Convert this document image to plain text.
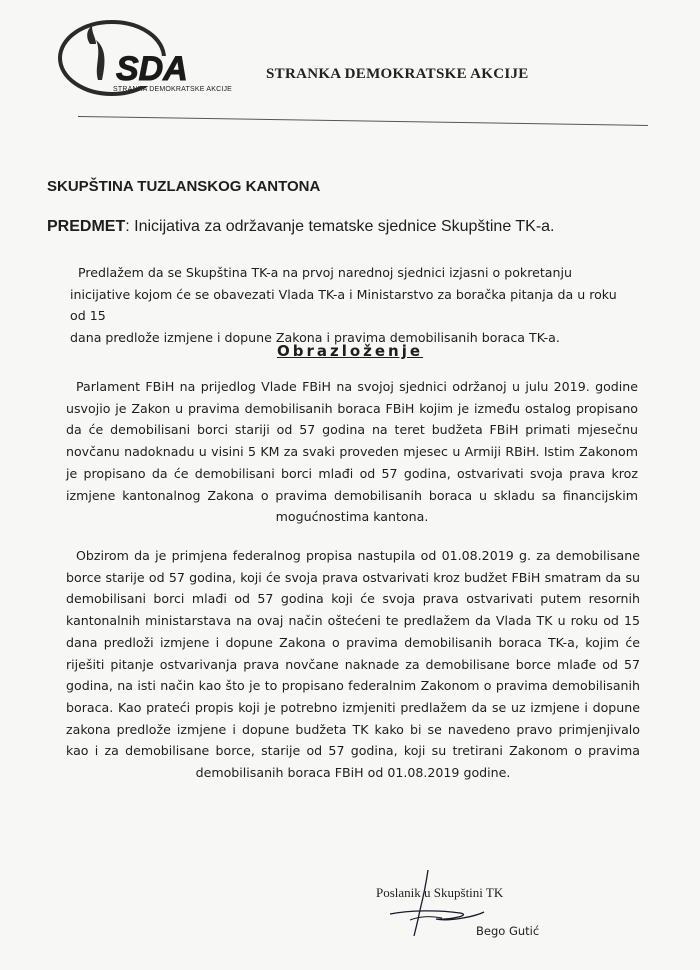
SDA
STRANKA DEMOKRATSKE AKCIJE
STRANKA DEMOKRATSKE AKCIJE
SKUPŠTINA TUZLANSKOG KANTONA
PREDMET: Inicijativa za održavanje tematske sjednice Skupštine TK-a.
Predlažem da se Skupština TK-a na prvoj narednoj sjednici izjasni o pokretanju
inicijative kojom će se obavezati Vlada TK-a i Ministarstvo za boračka pitanja da u roku od 15
dana predlože izmjene i dopune Zakona i pravima demobilisanih boraca TK-a.
Obrazloženje
Parlament FBiH na prijedlog Vlade FBiH na svojoj sjednici održanoj u julu 2019. godine usvojio je Zakon u pravima demobilisanih boraca FBiH kojim je između ostalog propisano da će demobilisani borci stariji od 57 godina na teret budžeta FBiH primati mjesečnu novčanu nadoknadu u visini 5 KM za svaki proveden mjesec u Armiji RBiH. Istim Zakonom je propisano da će demobilisani borci mlađi od 57 godina, ostvarivati svoja prava kroz izmjene kantonalnog Zakona o pravima demobilisanih boraca u skladu sa financijskim mogućnostima kantona.
Obzirom da je primjena federalnog propisa nastupila od 01.08.2019 g. za demobilisane borce starije od 57 godina, koji će svoja prava ostvarivati kroz budžet FBiH smatram da su demobilisani borci mlađi od 57 godina koji će svoja prava ostvarivati putem resornih kantonalnih ministarstava na ovaj način oštećeni te predlažem da Vlada TK u roku od 15 dana predloži izmjene i dopune Zakona o pravima demobilisanih boraca TK-a, kojim će riješiti pitanje ostvarivanja prava novčane naknade za demobilisane borce mlađe od 57 godina, na isti način kao što je to propisano federalnim Zakonom o pravima demobilisanih boraca. Kao prateći propis koji je potrebno izmjeniti predlažem da se uz izmjene i dopune zakona predlože izmjene i dopune budžeta TK kako bi se navedeno pravo primjenjivalo kao i za demobilisane borce, starije od 57 godina, koji su tretirani Zakonom o pravima demobilisanih boraca FBiH od 01.08.2019 godine.
Poslanik u Skupštini TK
Bego Gutić
